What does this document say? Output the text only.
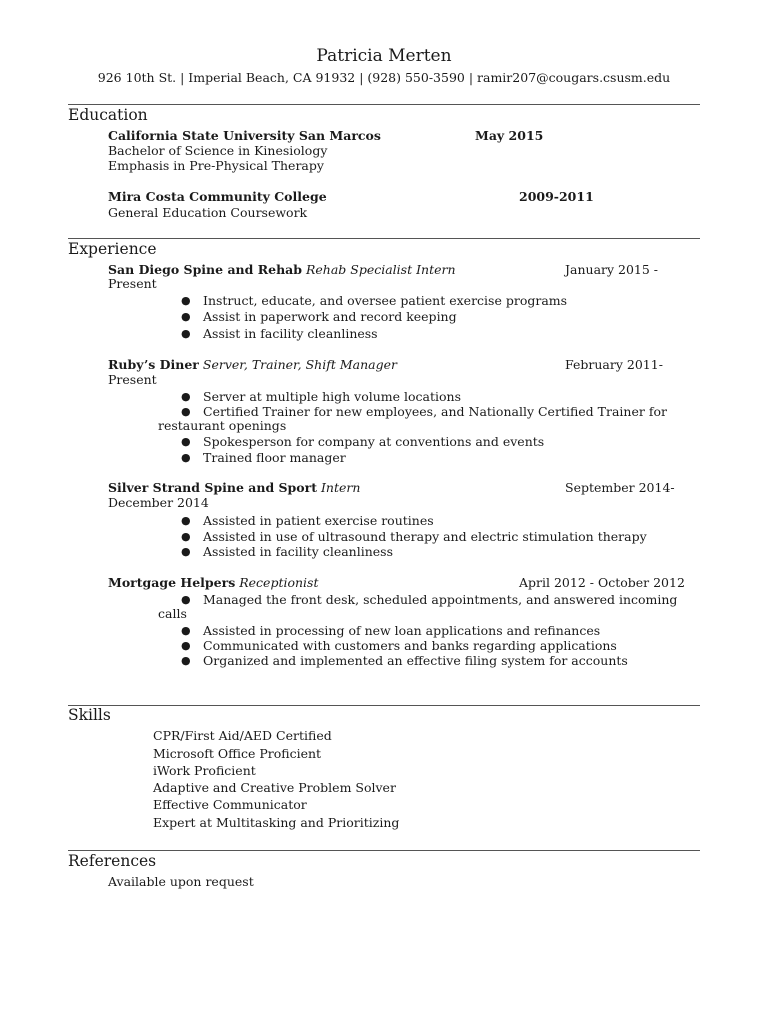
Patricia Merten
926 10th St. | Imperial Beach, CA 91932 | (928) 550-3590 | ramir207@cougars.csusm.edu
Education
California State University San Marcos	May 2015
Bachelor of Science in Kinesiology
Emphasis in Pre-Physical Therapy
Mira Costa Community College	2009-2011
General Education Coursework
Experience
San Diego Spine and Rehab Rehab Specialist Intern	January 2015 -
Present
● Instruct, educate, and oversee patient exercise programs
● Assist in paperwork and record keeping
● Assist in facility cleanliness
Ruby’s Diner Server, Trainer, Shift Manager	February 2011-
Present
● Server at multiple high volume locations
● Certified Trainer for new employees, and Nationally Certified Trainer for
restaurant openings
● Spokesperson for company at conventions and events
● Trained floor manager
Silver Strand Spine and Sport Intern	September 2014-
December 2014
● Assisted in patient exercise routines
● Assisted in use of ultrasound therapy and electric stimulation therapy
● Assisted in facility cleanliness
Mortgage Helpers Receptionist	April 2012 - October 2012
● Managed the front desk, scheduled appointments, and answered incoming
calls
● Assisted in processing of new loan applications and refinances
● Communicated with customers and banks regarding applications
● Organized and implemented an effective filing system for accounts
Skills
CPR/First Aid/AED Certified
Microsoft Office Proficient
iWork Proficient
Adaptive and Creative Problem Solver
Effective Communicator
Expert at Multitasking and Prioritizing
References
Available upon request
